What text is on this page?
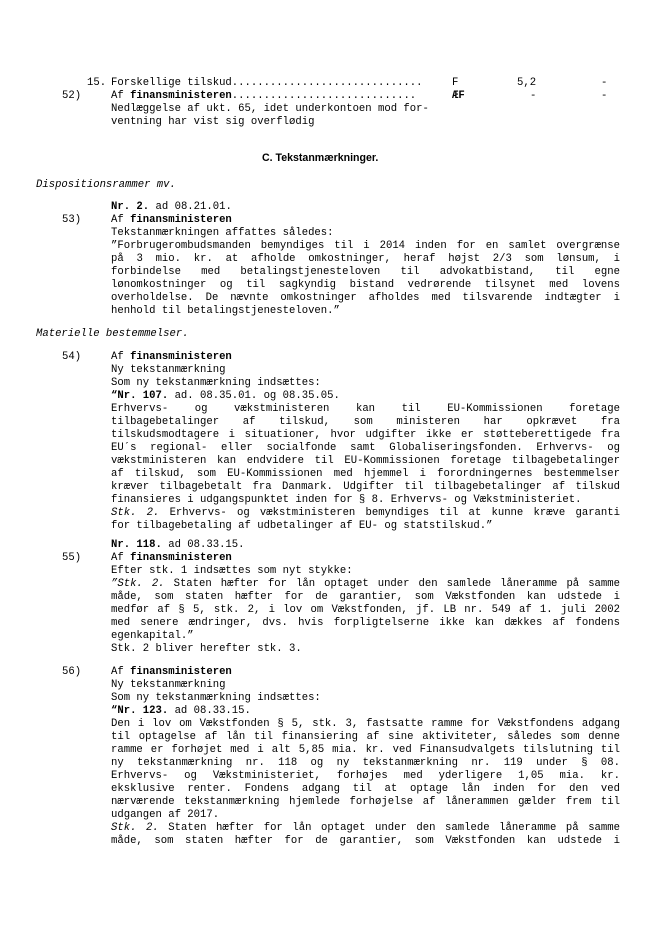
15. Forskellige tilskud..............................	F	5,2	-
52)	Af finansministeren.............................	ÆF	-	-
Nedlæggelse af ukt. 65, idet underkontoen mod for-
ventning har vist sig overflødig
C. Tekstanmærkninger.
Dispositionsrammer mv.
Nr. 2. ad 08.21.01.
53)	Af finansministeren
Tekstanmærkningen affattes således:
”Forbrugerombudsmanden bemyndiges til i 2014 inden for en samlet overgrænse
på 3 mio. kr. at afholde omkostninger, heraf højst 2/3 som lønsum, i
forbindelse med betalingstjenesteloven til advokatbistand, til egne
lønomkostninger og til sagkyndig bistand vedrørende tilsynet med lovens
overholdelse. De nævnte omkostninger afholdes med tilsvarende indtægter i
henhold til betalingstjenesteloven.”
Materielle bestemmelser.
54)	Af finansministeren
Ny tekstanmærkning
Som ny tekstanmærkning indsættes:
“Nr. 107. ad. 08.35.01. og 08.35.05.
Erhvervs- og vækstministeren kan til EU-Kommissionen foretage
tilbagebetalinger af tilskud, som ministeren har opkrævet fra
tilskudsmodtagere i situationer, hvor udgifter ikke er støtteberettigede fra
EU´s regional- eller socialfonde samt Globaliseringsfonden. Erhvervs- og
vækstministeren kan endvidere til EU-Kommissionen foretage tilbagebetalinger
af tilskud, som EU-Kommissionen med hjemmel i forordningernes bestemmelser
kræver tilbagebetalt fra Danmark. Udgifter til tilbagebetalinger af tilskud
finansieres i udgangspunktet inden for § 8. Erhvervs- og Vækstministeriet.
Stk. 2. Erhvervs- og vækstministeren bemyndiges til at kunne kræve garanti
for tilbagebetaling af udbetalinger af EU- og statstilskud.”
Nr. 118. ad 08.33.15.
55)	Af finansministeren
Efter stk. 1 indsættes som nyt stykke:
”Stk. 2. Staten hæfter for lån optaget under den samlede låneramme på samme
måde, som staten hæfter for de garantier, som Vækstfonden kan udstede i
medfør af § 5, stk. 2, i lov om Vækstfonden, jf. LB nr. 549 af 1. juli 2002
med senere ændringer, dvs. hvis forpligtelserne ikke kan dækkes af fondens
egenkapital.”
Stk. 2 bliver herefter stk. 3.
56)	Af finansministeren
Ny tekstanmærkning
Som ny tekstanmærkning indsættes:
“Nr. 123. ad 08.33.15.
Den i lov om Vækstfonden § 5, stk. 3, fastsatte ramme for Vækstfondens adgang
til optagelse af lån til finansiering af sine aktiviteter, således som denne
ramme er forhøjet med i alt 5,85 mia. kr. ved Finansudvalgets tilslutning til
ny tekstanmærkning nr. 118 og ny tekstanmærkning nr. 119 under § 08.
Erhvervs- og Vækstministeriet, forhøjes med yderligere 1,05 mia. kr.
eksklusive renter. Fondens adgang til at optage lån inden for den ved
nærværende tekstanmærkning hjemlede forhøjelse af lånerammen gælder frem til
udgangen af 2017.
Stk. 2. Staten hæfter for lån optaget under den samlede låneramme på samme
måde, som staten hæfter for de garantier, som Vækstfonden kan udstede i
